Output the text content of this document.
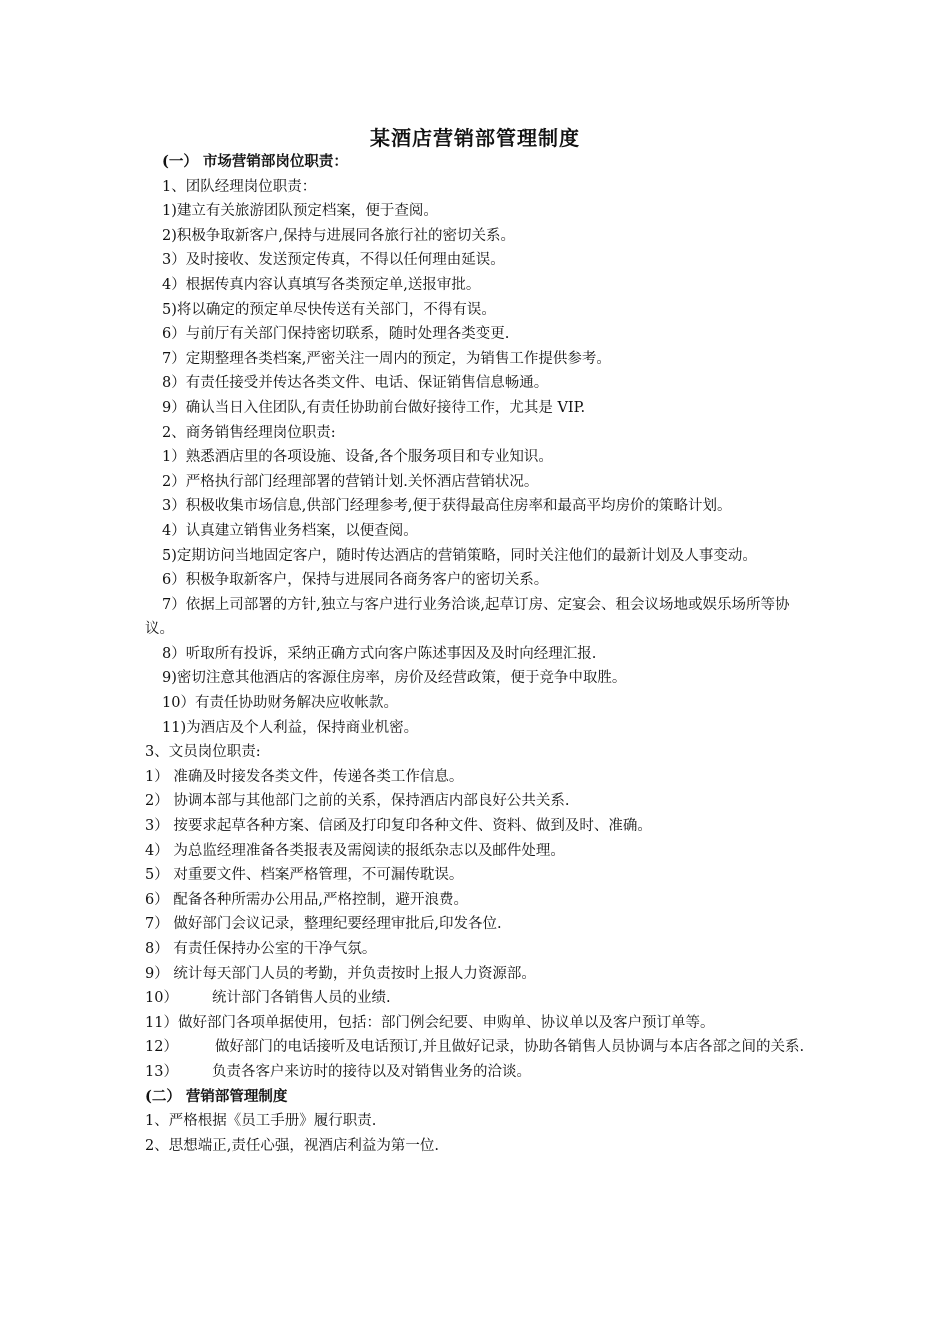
某酒店营销部管理制度
(一） 市场营销部岗位职责：
1、团队经理岗位职责：
1)建立有关旅游团队预定档案，便于查阅。
2)积极争取新客户,保持与进展同各旅行社的密切关系。
3）及时接收、发送预定传真，不得以任何理由延误。
4）根据传真内容认真填写各类预定单,送报审批。
5)将以确定的预定单尽快传送有关部门，不得有误。
6）与前厅有关部门保持密切联系，随时处理各类变更.
7）定期整理各类档案,严密关注一周内的预定，为销售工作提供参考。
8）有责任接受并传达各类文件、电话、保证销售信息畅通。
9）确认当日入住团队,有责任协助前台做好接待工作，尤其是 VIP.
2、商务销售经理岗位职责:
1）熟悉酒店里的各项设施、设备,各个服务项目和专业知识。
2）严格执行部门经理部署的营销计划.关怀酒店营销状况。
3）积极收集市场信息,供部门经理参考,便于获得最高住房率和最高平均房价的策略计划。
4）认真建立销售业务档案，以便查阅。
5)定期访问当地固定客户，随时传达酒店的营销策略，同时关注他们的最新计划及人事变动。
6）积极争取新客户，保持与进展同各商务客户的密切关系。
7）依据上司部署的方针,独立与客户进行业务洽谈,起草订房、定宴会、租会议场地或娱乐场所等协议。
8）听取所有投诉，采纳正确方式向客户陈述事因及及时向经理汇报.
9)密切注意其他酒店的客源住房率，房价及经营政策，便于竞争中取胜。
10）有责任协助财务解决应收帐款。
11)为酒店及个人利益，保持商业机密。
3、文员岗位职责:
1） 准确及时接发各类文件，传递各类工作信息。
2） 协调本部与其他部门之前的关系，保持酒店内部良好公共关系.
3） 按要求起草各种方案、信函及打印复印各种文件、资料、做到及时、准确。
4） 为总监经理准备各类报表及需阅读的报纸杂志以及邮件处理。
5） 对重要文件、档案严格管理，不可漏传耽误。
6） 配备各种所需办公用品,严格控制，避开浪费。
7） 做好部门会议记录，整理纪要经理审批后,印发各位.
8） 有责任保持办公室的干净气氛。
9） 统计每天部门人员的考勤，并负责按时上报人力资源部。
10）	统计部门各销售人员的业绩.
11）做好部门各项单据使用，包括：部门例会纪要、申购单、协议单以及客户预订单等。
12）	做好部门的电话接听及电话预订,并且做好记录，协助各销售人员协调与本店各部之间的关系.
13）	负责各客户来访时的接待以及对销售业务的洽谈。
(二） 营销部管理制度
1、严格根据《员工手册》履行职责.
2、思想端正,责任心强，视酒店利益为第一位.
